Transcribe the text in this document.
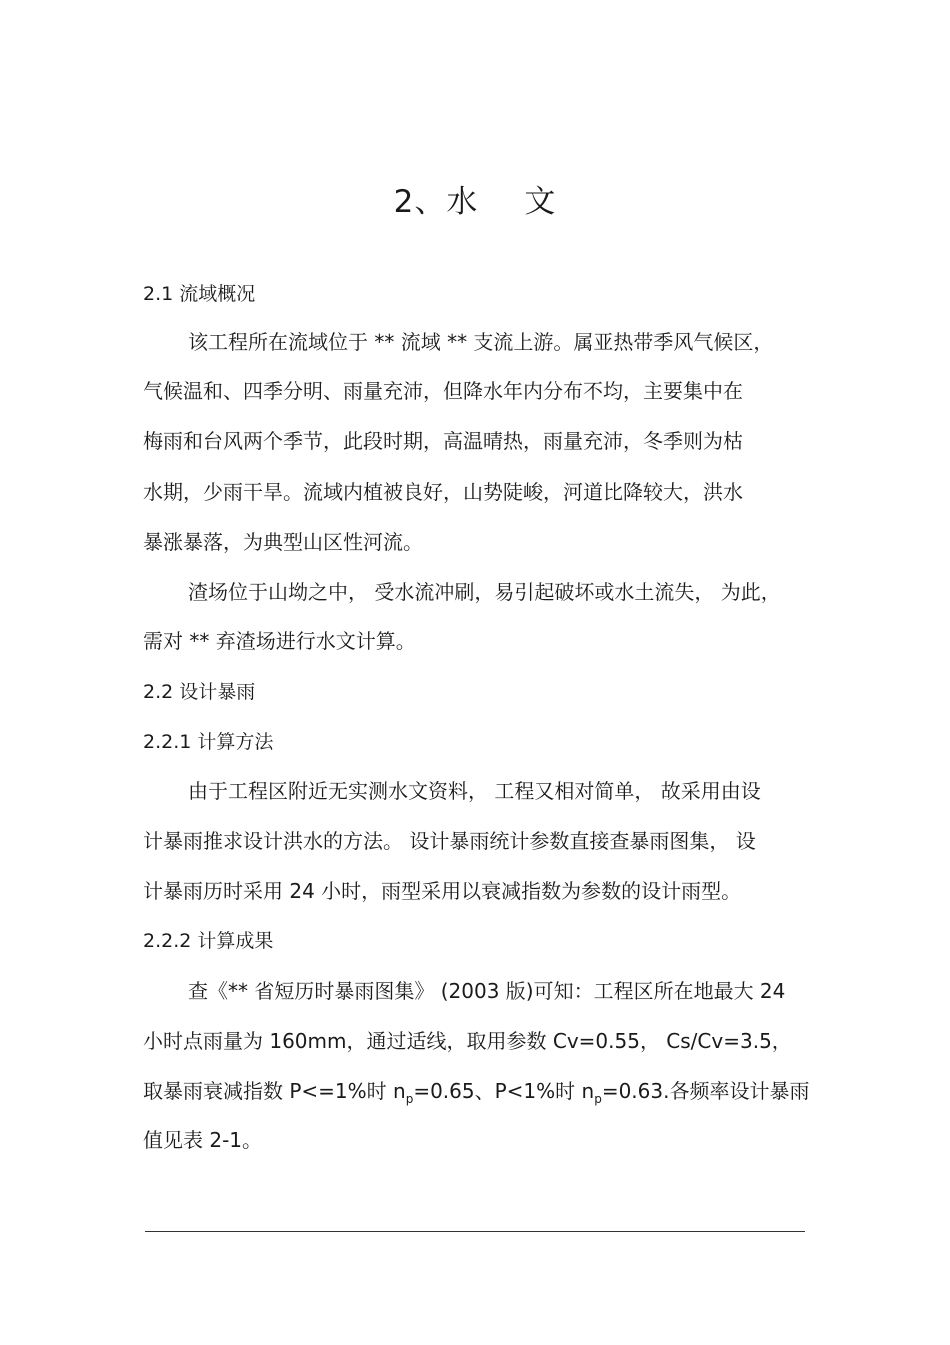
2、水 文

2.1 流域概况

该工程所在流域位于 ** 流域 ** 支流上游。属亚热带季风气候区，

气候温和、四季分明、雨量充沛，但降水年内分布不均，主要集中在

梅雨和台风两个季节，此段时期，高温晴热，雨量充沛，冬季则为枯

水期，少雨干旱。流域内植被良好，山势陡峻，河道比降较大，洪水

暴涨暴落，为典型山区性河流。

渣场位于山坳之中， 受水流冲刷，易引起破坏或水土流失， 为此，

需对 ** 弃渣场进行水文计算。

2.2 设计暴雨

2.2.1 计算方法

由于工程区附近无实测水文资料， 工程又相对简单， 故采用由设

计暴雨推求设计洪水的方法。 设计暴雨统计参数直接查暴雨图集， 设

计暴雨历时采用 24 小时，雨型采用以衰减指数为参数的设计雨型。

2.2.2 计算成果

查《** 省短历时暴雨图集》 (2003 版)可知：工程区所在地最大 24

小时点雨量为 160mm，通过适线，取用参数 Cv=0.55， Cs/Cv=3.5，

取暴雨衰减指数 P<=1%时 $n_p=0.65$、P<1%时 $n_p=0.63$.各频率设计暴雨

值见表 2-1。
